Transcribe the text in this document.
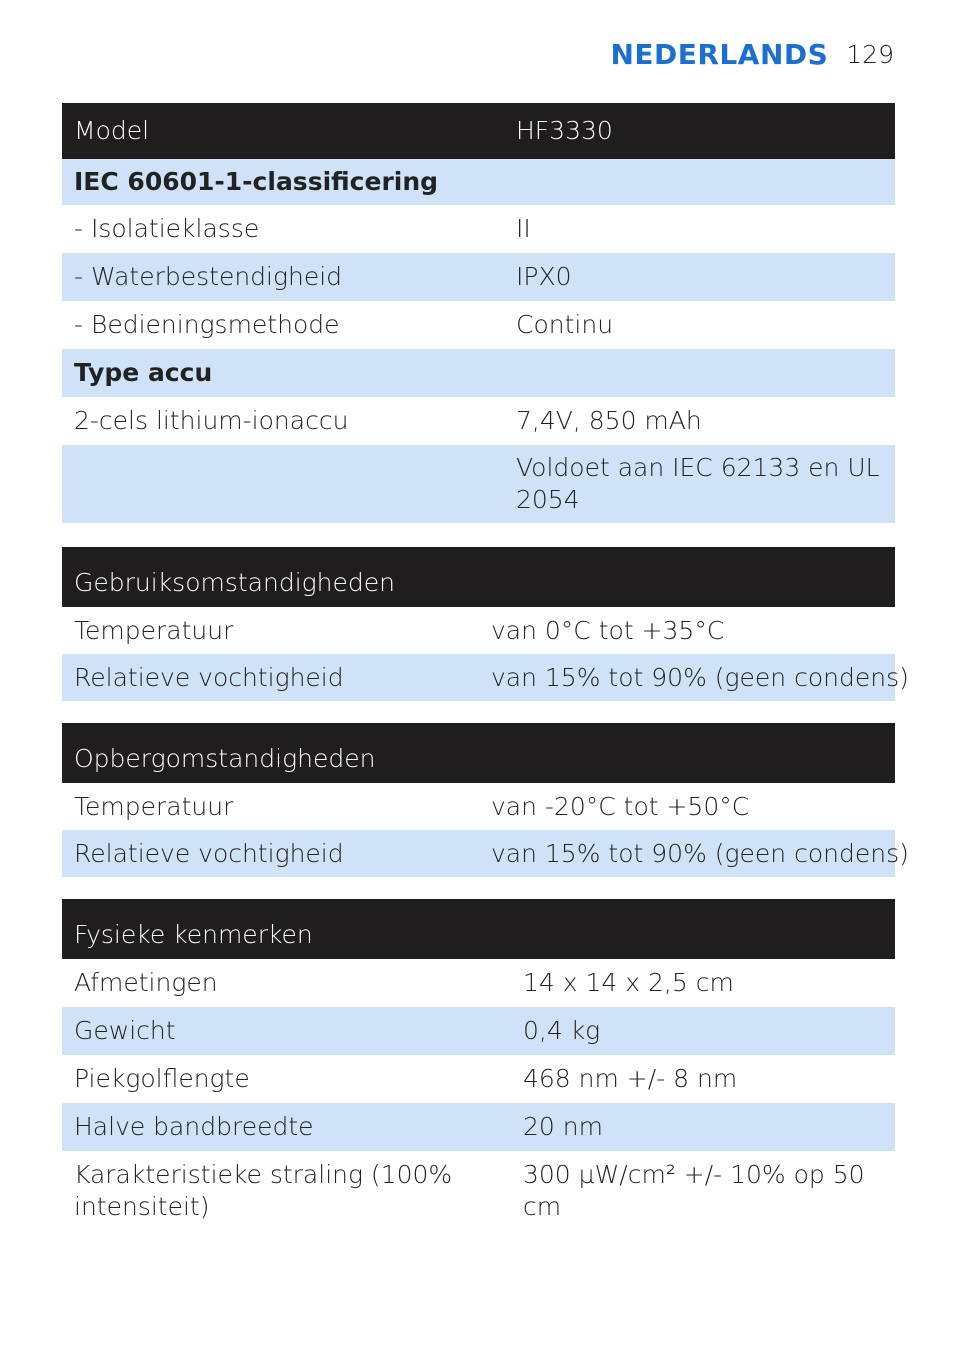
NEDERLANDS 129
Model	HF3330
IEC 60601-1-classificering	
- Isolatieklasse	II
- Waterbestendigheid	IPX0
- Bedieningsmethode	Continu
Type accu	
2-cels lithium-ionaccu	7,4V, 850 mAh
	Voldoet aan IEC 62133 en UL 2054
Gebruiksomstandigheden	
Temperatuur	van 0°C tot +35°C
Relatieve vochtigheid	van 15% tot 90% (geen condens)
Opbergomstandigheden	
Temperatuur	van -20°C tot +50°C
Relatieve vochtigheid	van 15% tot 90% (geen condens)
Fysieke kenmerken	
Afmetingen	14 x 14 x 2,5 cm
Gewicht	0,4 kg
Piekgolflengte	468 nm +/- 8 nm
Halve bandbreedte	20 nm
Karakteristieke straling (100% intensiteit)	300 µW/cm² +/- 10% op 50 cm
